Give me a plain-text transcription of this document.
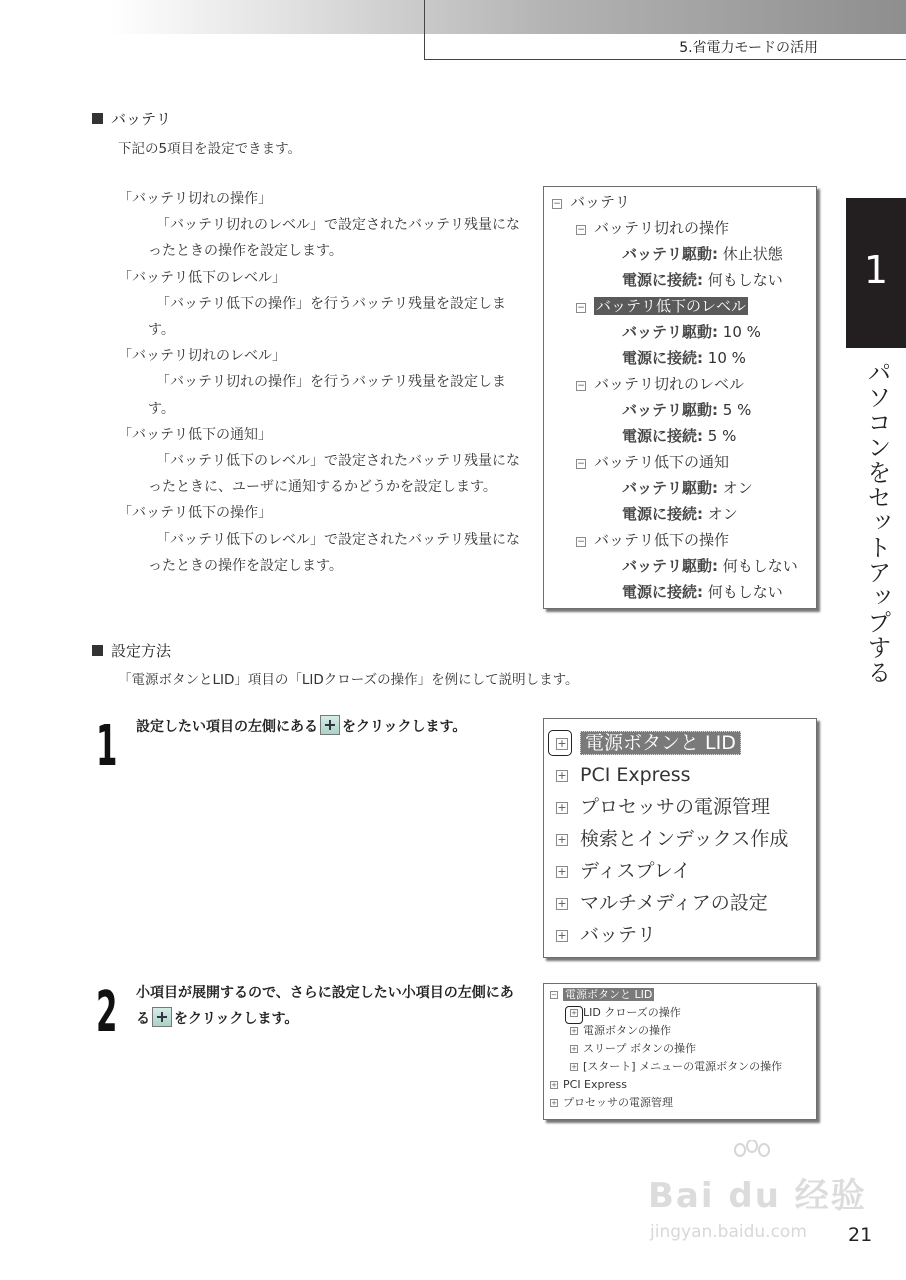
5.省電力モードの活用
1
パソコンをセットアップする
バッテリ
下記の5項目を設定できます。
「バッテリ切れの操作」
「バッテリ切れのレベル」で設定されたバッテリ残量になったときの操作を設定します。
「バッテリ低下のレベル」
「バッテリ低下の操作」を行うバッテリ残量を設定します。
「バッテリ切れのレベル」
「バッテリ切れの操作」を行うバッテリ残量を設定します。
「バッテリ低下の通知」
「バッテリ低下のレベル」で設定されたバッテリ残量になったときに、ユーザに通知するかどうかを設定します。
「バッテリ低下の操作」
「バッテリ低下のレベル」で設定されたバッテリ残量になったときの操作を設定します。
− バッテリ
− バッテリ切れの操作
バッテリ駆動: 休止状態
電源に接続: 何もしない
− バッテリ低下のレベル
バッテリ駆動: 10 %
電源に接続: 10 %
− バッテリ切れのレベル
バッテリ駆動: 5 %
電源に接続: 5 %
− バッテリ低下の通知
バッテリ駆動: オン
電源に接続: オン
− バッテリ低下の操作
バッテリ駆動: 何もしない
電源に接続: 何もしない
設定方法
「電源ボタンとLID」項目の「LIDクローズの操作」を例にして説明します。
1 設定したい項目の左側にある をクリックします。
+ 電源ボタンと LID
+ PCI Express
+ プロセッサの電源管理
+ 検索とインデックス作成
+ ディスプレイ
+ マルチメディアの設定
+ バッテリ
2 小項目が展開するので、さらに設定したい小項目の左側にある をクリックします。
− 電源ボタンと LID
+ LID クローズの操作
+ 電源ボタンの操作
+ スリープ ボタンの操作
+ [スタート] メニューの電源ボタンの操作
+ PCI Express
+ プロセッサの電源管理
Bai du 经验
jingyan.baidu.com 21
